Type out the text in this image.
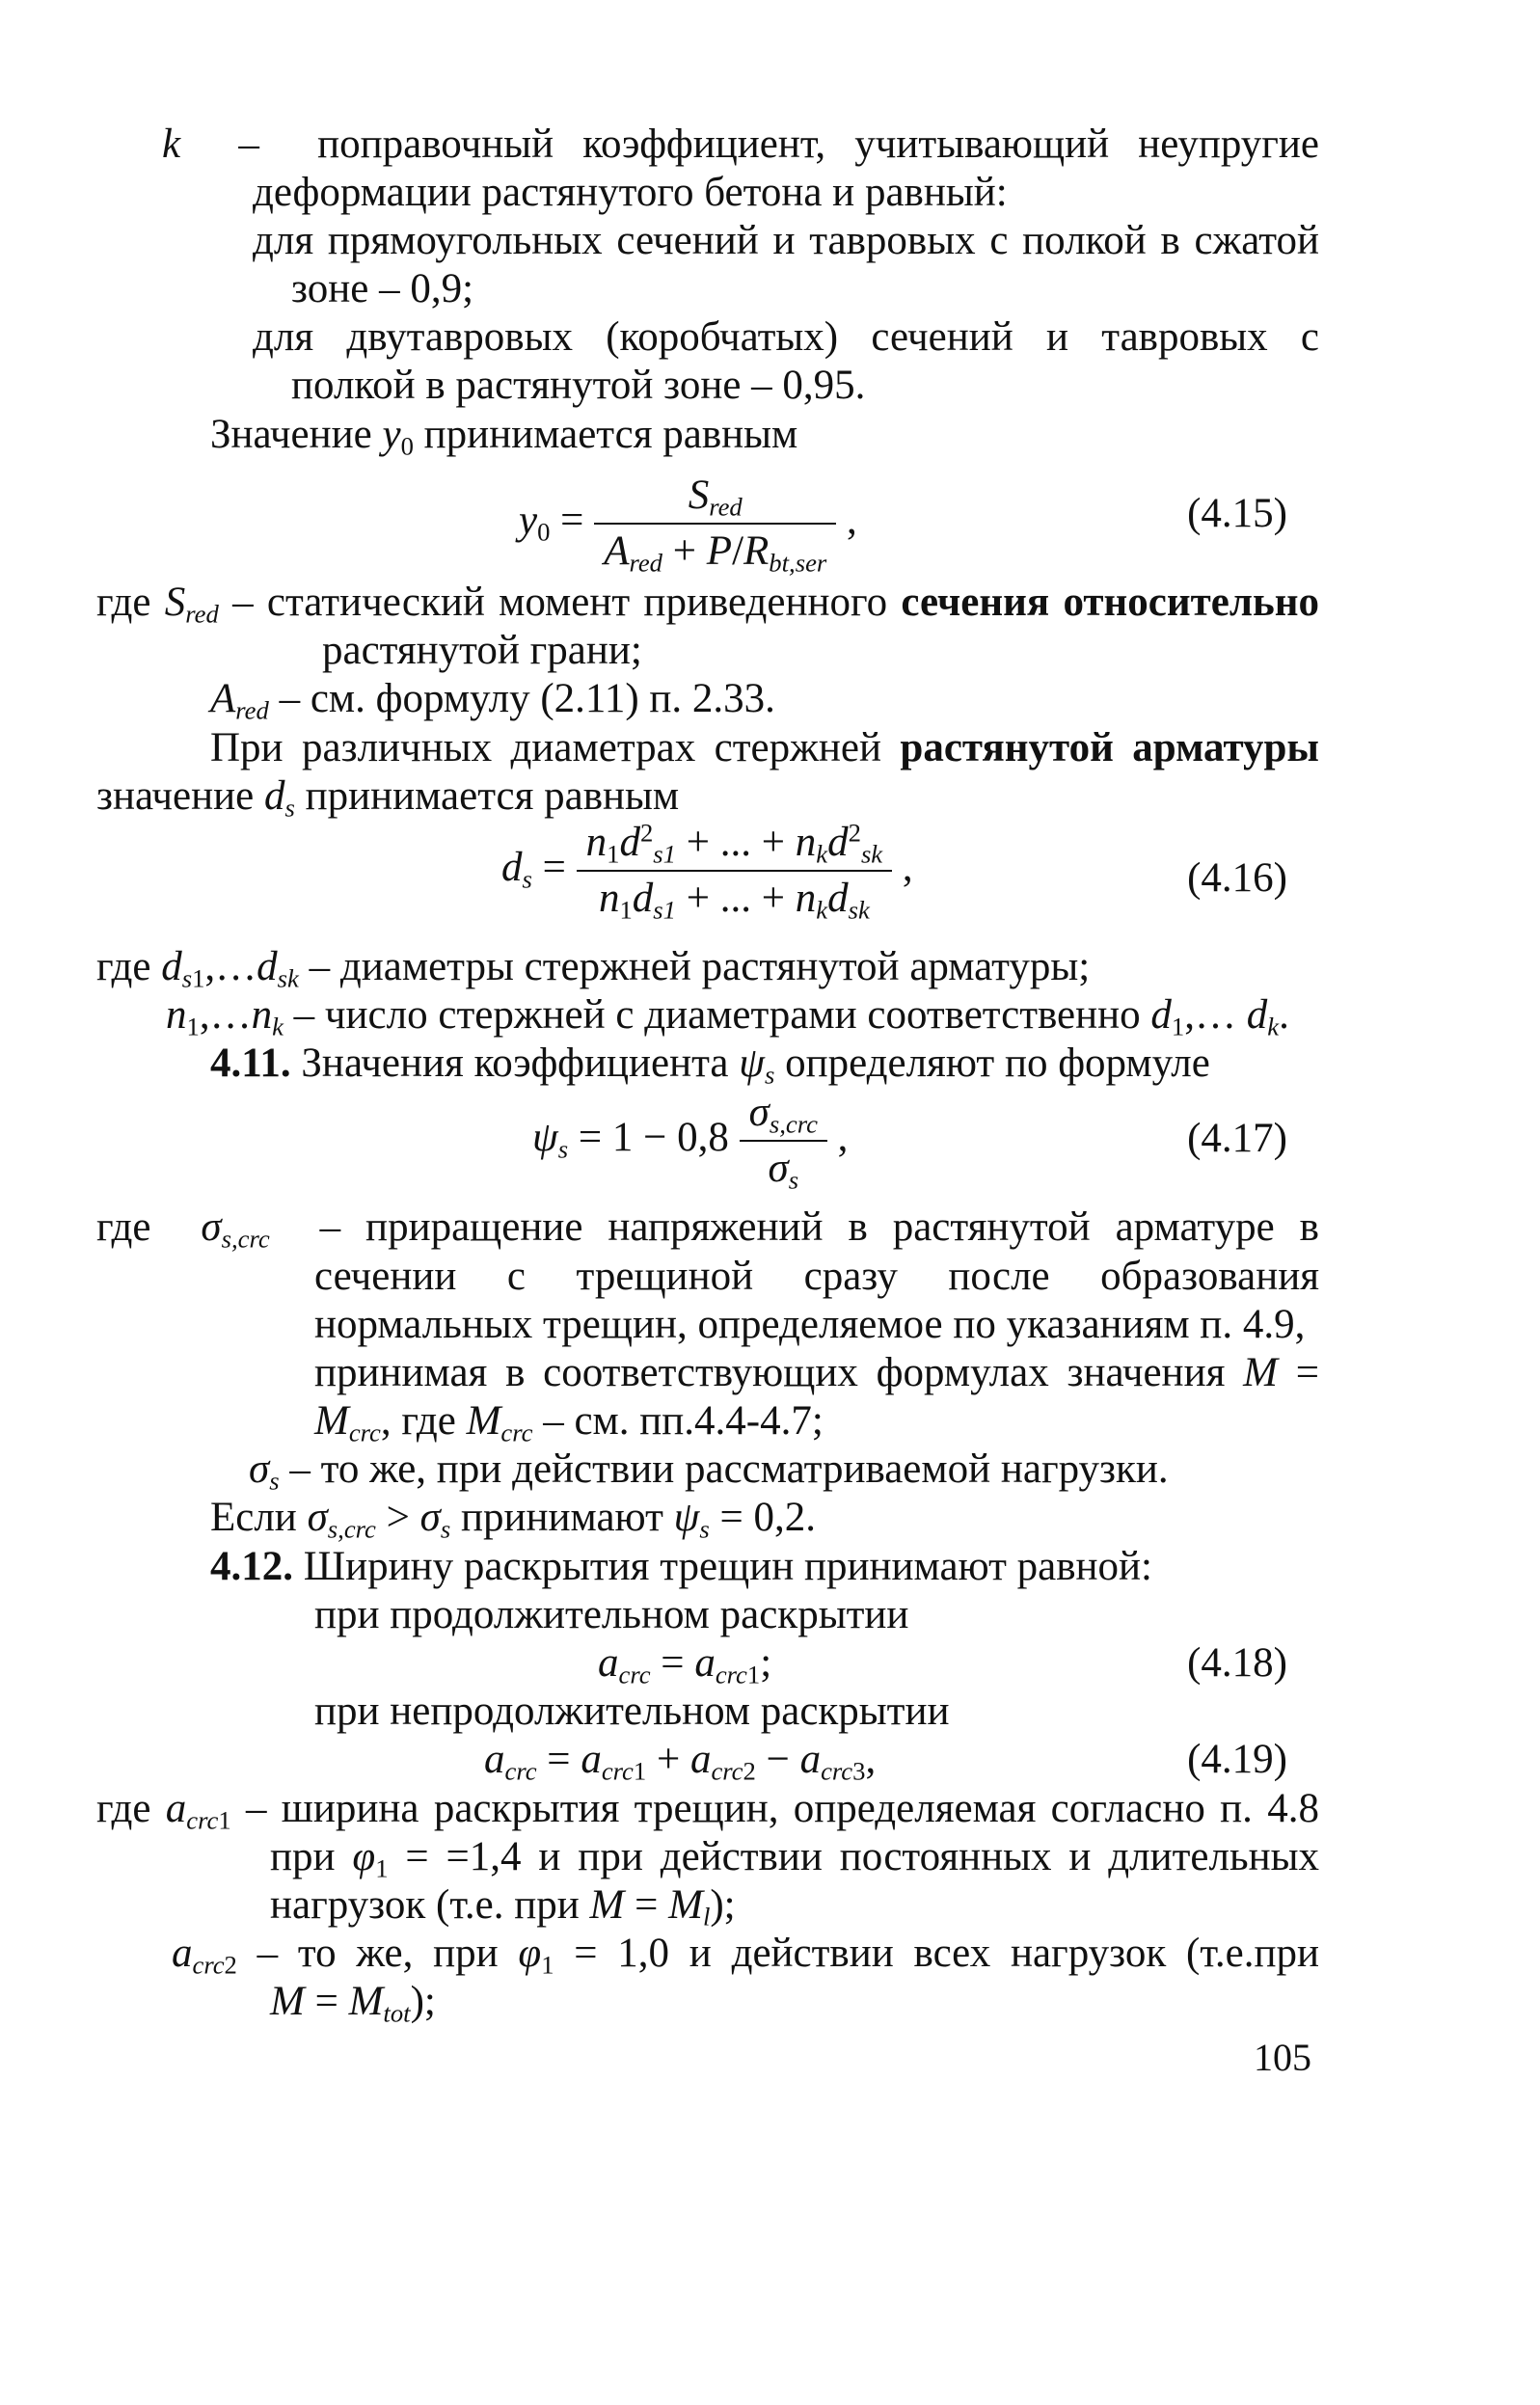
k  –  поправочный коэффициент, учитывающий неупругие
деформации растянутого бетона и равный:
для прямоугольных сечений и тавровых с полкой в сжатой
зоне – 0,9;
для двутавровых (коробчатых) сечений и тавровых с
полкой в растянутой зоне – 0,95.
Значение $y_0$ принимается равным
$y_0 = \frac{S_{red}}{A_{red} + P/R_{bt,ser}}$ ,	(4.15)
где $S_{red}$ – статический момент приведенного сечения относительно
растянутой грани;
$A_{red}$ – см. формулу (2.11) п. 2.33.
При различных диаметрах стержней растянутой арматуры
значение $d_s$ принимается равным
$d_s = \frac{n_1d^2_{s1} + ... + n_kd^2_{sk}}{n_1d_{s1} + ... + n_kd_{sk}}$ ,	(4.16)
где $d_{s1},\dots d_{sk}$ – диаметры стержней растянутой арматуры;
$n_1,\dots n_k$ – число стержней с диаметрами соответственно $d_1,\dots$ $d_k$.
4.11. Значения коэффициента $\psi_s$ определяют по формуле
$\psi_s = 1 - 0,8 \frac{\sigma_{s,crc}}{\sigma_s}$ ,	(4.17)
где  $\sigma_{s,crc}$  – приращение напряжений в растянутой арматуре в
сечении с трещиной сразу после образования
нормальных трещин, определяемое по указаниям п. 4.9,
принимая в соответствующих формулах значения M =
$M_{crc}$, где $M_{crc}$ – см. пп.4.4-4.7;
$\sigma_s$ – то же, при действии рассматриваемой нагрузки.
Если $\sigma_{s,crc} > \sigma_s$ принимают $\psi_s = 0,2$.
4.12. Ширину раскрытия трещин принимают равной:
при продолжительном раскрытии
$a_{crc} = a_{crc1}$;	(4.18)
при непродолжительном раскрытии
$a_{crc} = a_{crc1} + a_{crc2} - a_{crc3}$,	(4.19)
где $a_{crc1}$ – ширина раскрытия трещин, определяемая согласно п. 4.8
при $\varphi_1 = =1,4$ и при действии постоянных и длительных
нагрузок (т.е. при $M = M_l$);
$a_{crc2}$ – то же, при $\varphi_1 = 1,0$ и действии всех нагрузок (т.е.при
$M = M_{tot}$);
105
